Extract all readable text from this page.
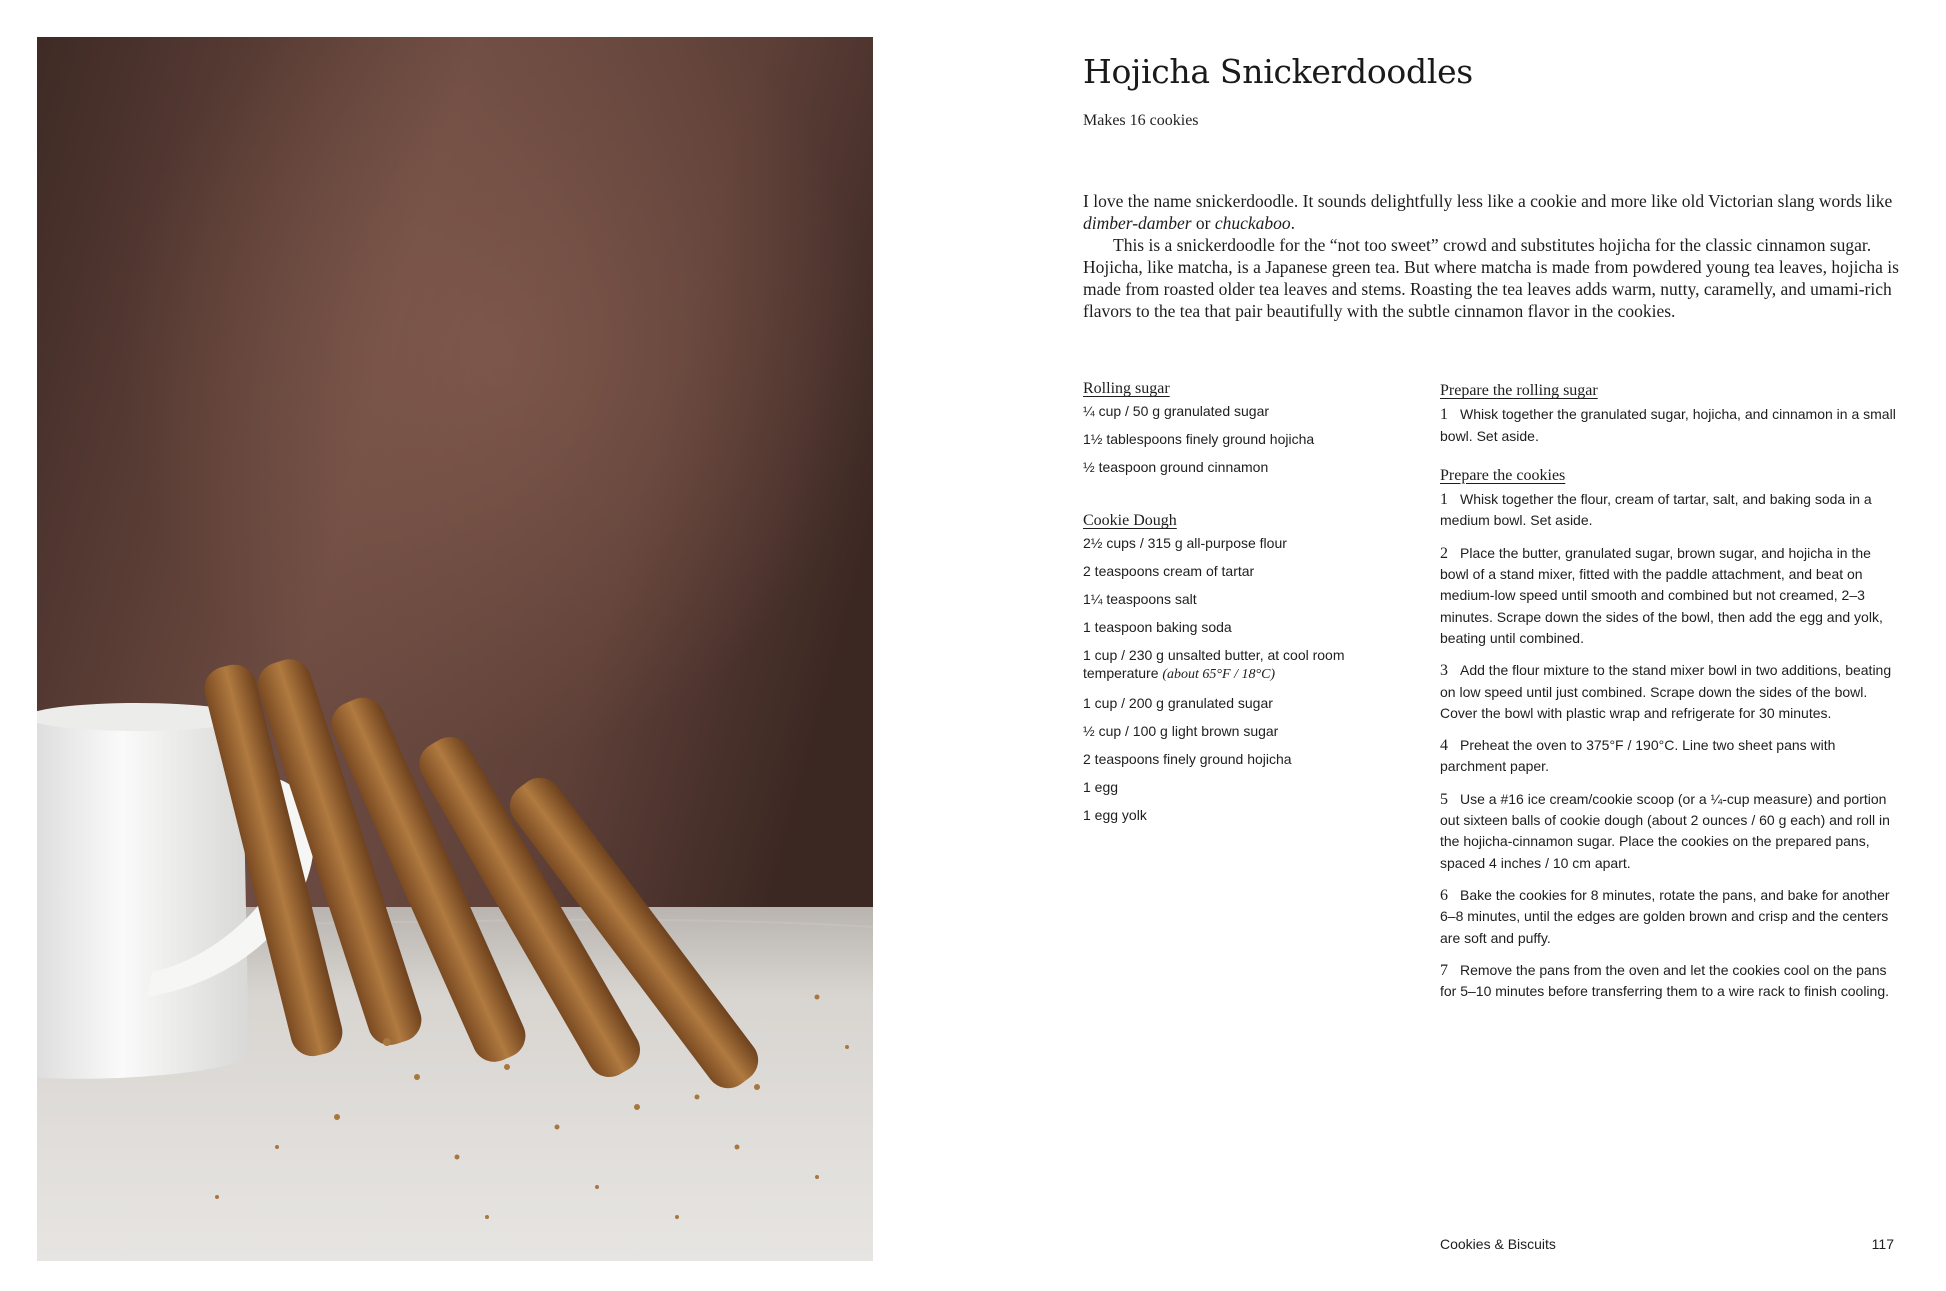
Hojicha Snickerdoodles
Makes 16 cookies

I love the name snickerdoodle. It sounds delightfully less like a cookie and more like old Victorian slang words like dimber-damber or chuckaboo.

This is a snickerdoodle for the “not too sweet” crowd and substitutes hojicha for the classic cinnamon sugar. Hojicha, like matcha, is a Japanese green tea. But where matcha is made from powdered young tea leaves, hojicha is made from roasted older tea leaves and stems. Roasting the tea leaves adds warm, nutty, caramelly, and umami-rich flavors to the tea that pair beautifully with the subtle cinnamon flavor in the cookies.

Rolling sugar
¼ cup / 50 g granulated sugar
1½ tablespoons finely ground hojicha
½ teaspoon ground cinnamon
Cookie Dough
2½ cups / 315 g all-purpose flour
2 teaspoons cream of tartar
1¼ teaspoons salt
1 teaspoon baking soda
1 cup / 230 g unsalted butter, at cool room temperature (about 65°F / 18°C)
1 cup / 200 g granulated sugar
½ cup / 100 g light brown sugar
2 teaspoons finely ground hojicha
1 egg
1 egg yolk
Prepare the rolling sugar
1 Whisk together the granulated sugar, hojicha, and cinnamon in a small bowl. Set aside.
Prepare the cookies
1 Whisk together the flour, cream of tartar, salt, and baking soda in a medium bowl. Set aside.
2 Place the butter, granulated sugar, brown sugar, and hojicha in the bowl of a stand mixer, fitted with the paddle attachment, and beat on medium-low speed until smooth and combined but not creamed, 2–3 minutes. Scrape down the sides of the bowl, then add the egg and yolk, beating until combined.
3 Add the flour mixture to the stand mixer bowl in two additions, beating on low speed until just combined. Scrape down the sides of the bowl. Cover the bowl with plastic wrap and refrigerate for 30 minutes.
4 Preheat the oven to 375°F / 190°C. Line two sheet pans with parchment paper.
5 Use a #16 ice cream/cookie scoop (or a ¼-cup measure) and portion out sixteen balls of cookie dough (about 2 ounces / 60 g each) and roll in the hojicha-cinnamon sugar. Place the cookies on the prepared pans, spaced 4 inches / 10 cm apart.
6 Bake the cookies for 8 minutes, rotate the pans, and bake for another 6–8 minutes, until the edges are golden brown and crisp and the centers are soft and puffy.
7 Remove the pans from the oven and let the cookies cool on the pans for 5–10 minutes before transferring them to a wire rack to finish cooling.
Cookies & Biscuits	117
